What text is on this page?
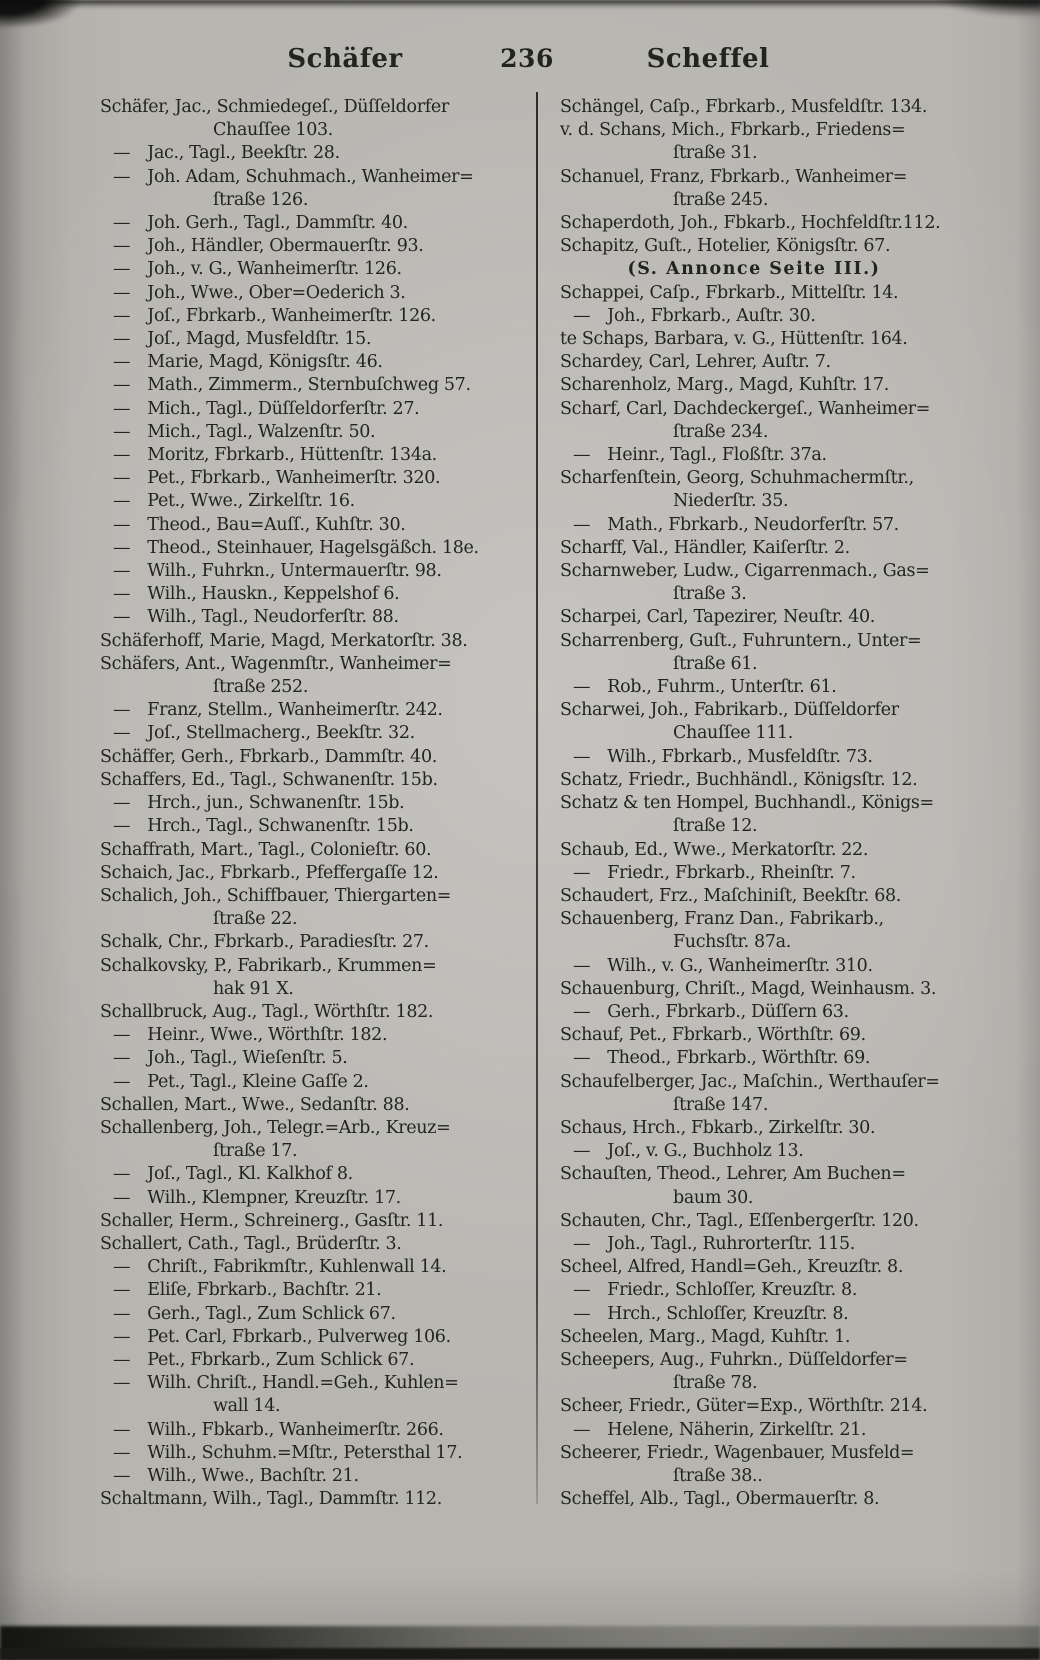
Schäfer	236	Scheffel
Schäfer, Jac., Schmiedegeſ., Düſſeldorfer
Chauſſee 103.
— Jac., Tagl., Beekſtr. 28.
— Joh. Adam, Schuhmach., Wanheimer=
ſtraße 126.
— Joh. Gerh., Tagl., Dammſtr. 40.
— Joh., Händler, Obermauerſtr. 93.
— Joh., v. G., Wanheimerſtr. 126.
— Joh., Wwe., Ober=Oederich 3.
— Joſ., Fbrkarb., Wanheimerſtr. 126.
— Joſ., Magd, Musfeldſtr. 15.
— Marie, Magd, Königsſtr. 46.
— Math., Zimmerm., Sternbuſchweg 57.
— Mich., Tagl., Düſſeldorferſtr. 27.
— Mich., Tagl., Walzenſtr. 50.
— Moritz, Fbrkarb., Hüttenſtr. 134a.
— Pet., Fbrkarb., Wanheimerſtr. 320.
— Pet., Wwe., Zirkelſtr. 16.
— Theod., Bau=Auſſ., Kuhſtr. 30.
— Theod., Steinhauer, Hagelsgäßch. 18e.
— Wilh., Fuhrkn., Untermauerſtr. 98.
— Wilh., Hauskn., Keppelshof 6.
— Wilh., Tagl., Neudorferſtr. 88.
Schäferhoff, Marie, Magd, Merkatorſtr. 38.
Schäfers, Ant., Wagenmſtr., Wanheimer=
ſtraße 252.
— Franz, Stellm., Wanheimerſtr. 242.
— Joſ., Stellmacherg., Beekſtr. 32.
Schäffer, Gerh., Fbrkarb., Dammſtr. 40.
Schaffers, Ed., Tagl., Schwanenſtr. 15b.
— Hrch., jun., Schwanenſtr. 15b.
— Hrch., Tagl., Schwanenſtr. 15b.
Schaffrath, Mart., Tagl., Colonieſtr. 60.
Schaich, Jac., Fbrkarb., Pfeffergaſſe 12.
Schalich, Joh., Schiffbauer, Thiergarten=
ſtraße 22.
Schalk, Chr., Fbrkarb., Paradiesſtr. 27.
Schalkovsky, P., Fabrikarb., Krummen=
hak 91 X.
Schallbruck, Aug., Tagl., Wörthſtr. 182.
— Heinr., Wwe., Wörthſtr. 182.
— Joh., Tagl., Wieſenſtr. 5.
— Pet., Tagl., Kleine Gaſſe 2.
Schallen, Mart., Wwe., Sedanſtr. 88.
Schallenberg, Joh., Telegr.=Arb., Kreuz=
ſtraße 17.
— Joſ., Tagl., Kl. Kalkhof 8.
— Wilh., Klempner, Kreuzſtr. 17.
Schaller, Herm., Schreinerg., Gasſtr. 11.
Schallert, Cath., Tagl., Brüderſtr. 3.
— Chriſt., Fabrikmſtr., Kuhlenwall 14.
— Eliſe, Fbrkarb., Bachſtr. 21.
— Gerh., Tagl., Zum Schlick 67.
— Pet. Carl, Fbrkarb., Pulverweg 106.
— Pet., Fbrkarb., Zum Schlick 67.
— Wilh. Chriſt., Handl.=Geh., Kuhlen=
wall 14.
— Wilh., Fbkarb., Wanheimerſtr. 266.
— Wilh., Schuhm.=Mſtr., Petersthal 17.
— Wilh., Wwe., Bachſtr. 21.
Schaltmann, Wilh., Tagl., Dammſtr. 112.
Schängel, Caſp., Fbrkarb., Musfeldſtr. 134.
v. d. Schans, Mich., Fbrkarb., Friedens=
ſtraße 31.
Schanuel, Franz, Fbrkarb., Wanheimer=
ſtraße 245.
Schaperdoth, Joh., Fbkarb., Hochfeldſtr.112.
Schapitz, Guſt., Hotelier, Königsſtr. 67.
(S. Annonce Seite III.)
Schappei, Caſp., Fbrkarb., Mittelſtr. 14.
— Joh., Fbrkarb., Auſtr. 30.
te Schaps, Barbara, v. G., Hüttenſtr. 164.
Schardey, Carl, Lehrer, Auſtr. 7.
Scharenholz, Marg., Magd, Kuhſtr. 17.
Scharf, Carl, Dachdeckergeſ., Wanheimer=
ſtraße 234.
— Heinr., Tagl., Floßſtr. 37a.
Scharfenſtein, Georg, Schuhmachermſtr.,
Niederſtr. 35.
— Math., Fbrkarb., Neudorferſtr. 57.
Scharff, Val., Händler, Kaiſerſtr. 2.
Scharnweber, Ludw., Cigarrenmach., Gas=
ſtraße 3.
Scharpei, Carl, Tapezirer, Neuſtr. 40.
Scharrenberg, Guſt., Fuhruntern., Unter=
ſtraße 61.
— Rob., Fuhrm., Unterſtr. 61.
Scharwei, Joh., Fabrikarb., Düſſeldorfer
Chauſſee 111.
— Wilh., Fbrkarb., Musfeldſtr. 73.
Schatz, Friedr., Buchhändl., Königsſtr. 12.
Schatz & ten Hompel, Buchhandl., Königs=
ſtraße 12.
Schaub, Ed., Wwe., Merkatorſtr. 22.
— Friedr., Fbrkarb., Rheinſtr. 7.
Schaudert, Frz., Maſchiniſt, Beekſtr. 68.
Schauenberg, Franz Dan., Fabrikarb.,
Fuchsſtr. 87a.
— Wilh., v. G., Wanheimerſtr. 310.
Schauenburg, Chriſt., Magd, Weinhausm. 3.
— Gerh., Fbrkarb., Düſſern 63.
Schauf, Pet., Fbrkarb., Wörthſtr. 69.
— Theod., Fbrkarb., Wörthſtr. 69.
Schaufelberger, Jac., Maſchin., Werthauſer=
ſtraße 147.
Schaus, Hrch., Fbkarb., Zirkelſtr. 30.
— Joſ., v. G., Buchholz 13.
Schauſten, Theod., Lehrer, Am Buchen=
baum 30.
Schauten, Chr., Tagl., Eſſenbergerſtr. 120.
— Joh., Tagl., Ruhrorterſtr. 115.
Scheel, Alfred, Handl=Geh., Kreuzſtr. 8.
— Friedr., Schloſſer, Kreuzſtr. 8.
— Hrch., Schloſſer, Kreuzſtr. 8.
Scheelen, Marg., Magd, Kuhſtr. 1.
Scheepers, Aug., Fuhrkn., Düſſeldorfer=
ſtraße 78.
Scheer, Friedr., Güter=Exp., Wörthſtr. 214.
— Helene, Näherin, Zirkelſtr. 21.
Scheerer, Friedr., Wagenbauer, Musfeld=
ſtraße 38..
Scheffel, Alb., Tagl., Obermauerſtr. 8.
